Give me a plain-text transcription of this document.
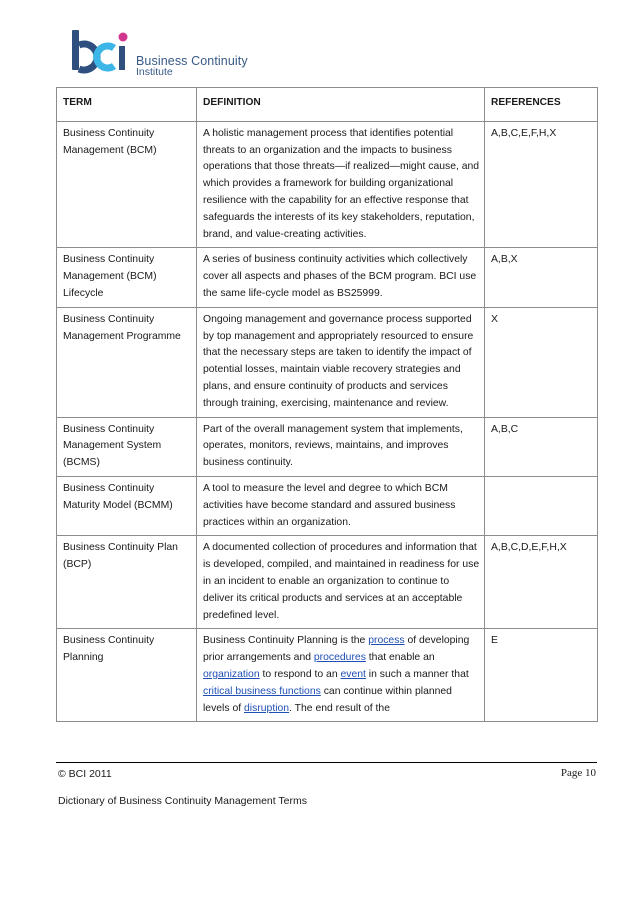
Business Continuity
Institute
TERM	DEFINITION	REFERENCES
Business Continuity Management (BCM)	A holistic management process that identifies potential threats to an organization and the impacts to business operations that those threats—if realized—might cause, and which provides a framework for building organizational resilience with the capability for an effective response that safeguards the interests of its key stakeholders, reputation, brand, and value-creating activities.	A,B,C,E,F,H,X
Business Continuity Management (BCM) Lifecycle	A series of business continuity activities which collectively cover all aspects and phases of the BCM program. BCI use the same life-cycle model as BS25999.	A,B,X
Business Continuity Management Programme	Ongoing management and governance process supported by top management and appropriately resourced to ensure that the necessary steps are taken to identify the impact of potential losses, maintain viable recovery strategies and plans, and ensure continuity of products and services through training, exercising, maintenance and review.	X
Business Continuity Management System (BCMS)	Part of the overall management system that implements, operates, monitors, reviews, maintains, and improves business continuity.	A,B,C
Business Continuity Maturity Model (BCMM)	A tool to measure the level and degree to which BCM activities have become standard and assured business practices within an organization.	
Business Continuity Plan (BCP)	A documented collection of procedures and information that is developed, compiled, and maintained in readiness for use in an incident to enable an organization to continue to deliver its critical products and services at an acceptable predefined level.	A,B,C,D,E,F,H,X
Business Continuity Planning	Business Continuity Planning is the process of developing prior arrangements and procedures that enable an organization to respond to an event in such a manner that critical business functions can continue within planned levels of disruption. The end result of the	E
© BCI 2011	Page 10
Dictionary of Business Continuity Management Terms
